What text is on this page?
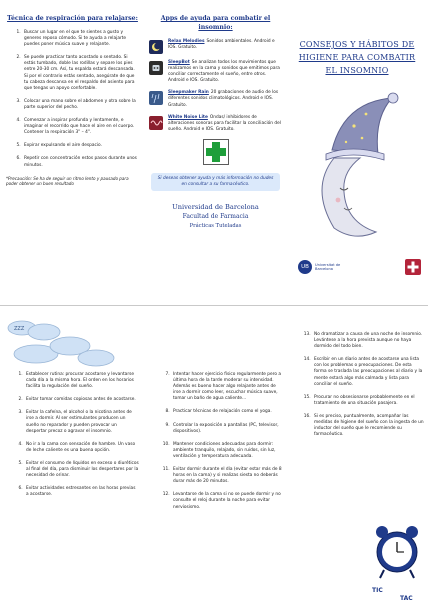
Técnica de respiración para relajarse:
1. Buscar un lugar en el que te sientes a gusto y generes reposo cómodo. Si te ayuda a relajarte puedes poner música suave y relajante.
2. Se puede practicar tanto acostado o sentado. Si estás tumbado, doble las rodillas y separe los pies entre 20-30 cm. Así, tu espalda estará descansada. Si por el contrario estás sentado, asegúrate de que tu cabeza descansa en el respaldo del asiento para que tengas un apoyo confortable.
3. Colocar una mano sobre el abdomen y otra sobre la parte superior del pecho.
4. Comenzar a inspirar profunda y lentamente, e imaginar el recorrido que hace el aire en el cuerpo. Contener la respiración 3" – 4".
5. Expirar expulsando el aire despacio.
6. Repetir con concentración estos pasos durante unos minutos.
*Precaución: Se ha de seguir un ritmo lento y pausado para poder obtener un buen resultado
Apps de ayuda para combatir el insomnio:
Relax Melodies Sonidos ambientales. Android e IOS. Gratuito.
SleepBot Se analizan todos los movimientos que realizamos en la cama y sonidos que emitimos para conciliar correctamente el sueño, entre otros. Android e IOS. Gratuito.
Sleepmaker Rain 20 grabaciones de audio de los diferentes sonidos climatológicos. Android e IOS. Gratuito.
White Noise Lite Ondas/ inhibidores de alteraciones sonoras para facilitar la conciliación del sueño. Android e IOS. Gratuito.
Si deseas obtener ayuda y más información no dudes en consultar a su farmacéutico.
Universidad de Barcelona
Facultad de Farmacia
Prácticas Tuteladas
CONSEJOS Y HÁBITOS DE HIGIENE PARA COMBATIR EL INSOMNIO
UB	Universitat de Barcelona
ZZZ
1. Establecer rutina: procurar acostarse y levantarse cada día a la misma hora. El orden en los horarios facilita la regulación del sueño.
2. Evitar tomar comidas copiosas antes de acostarse.
3. Evitar la cafeína, el alcohol o la nicotina antes de irse a dormir. Al ser estimulantes producen un sueño no reparador y pueden provocar un despertar precoz o agravar el insomnio.
4. No ir a la cama con sensación de hambre. Un vaso de leche caliente es una buena opción.
5. Evitar el consumo de líquidos en exceso o diuréticos al final del día, para disminuir los despertares por la necesidad de orinar.
6. Evitar actividades estresantes en las horas previas a acostarse.
7. Intentar hacer ejercicio físico regularmente pero a última hora de la tarde moderar su intensidad. Además es bueno hacer algo relajante antes de irse a dormir como leer, escuchar música suave, tomar un baño de agua caliente...
8. Practicar técnicas de relajación como el yoga.
9. Controlar la exposición a pantallas (PC, televisor, dispositivos).
10. Mantener condiciones adecuadas para dormir: ambiente tranquilo, relajado, sin ruidos, sin luz, ventilación y temperatura adecuada.
11. Evitar dormir durante el día (evitar estar más de 8 horas en la cama) y si realizas siesta no deberás durar más de 20 minutos.
12. Levantarse de la cama si no se puede dormir y no consulte el reloj durante la noche para evitar nerviosismo.
13. No dramatizar a causa de una noche de insomnio. Levántese a la hora prevista aunque no haya dormido del todo bien.
14. Escribir en un diario antes de acostarse una lista con los problemas o preocupaciones. De esta forma se traslada las preocupaciones al diario y la mente estará algo más calmada y lista para conciliar el sueño.
15. Procurar no obsesionarse probablemente en el tratamiento de una situación pasajera.
16. Si es preciso, puntualmente, acompañar las medidas de higiene del sueño con la ingesta de un inductor del sueño que le recomiende su farmacéutico.
TIC
TAC
